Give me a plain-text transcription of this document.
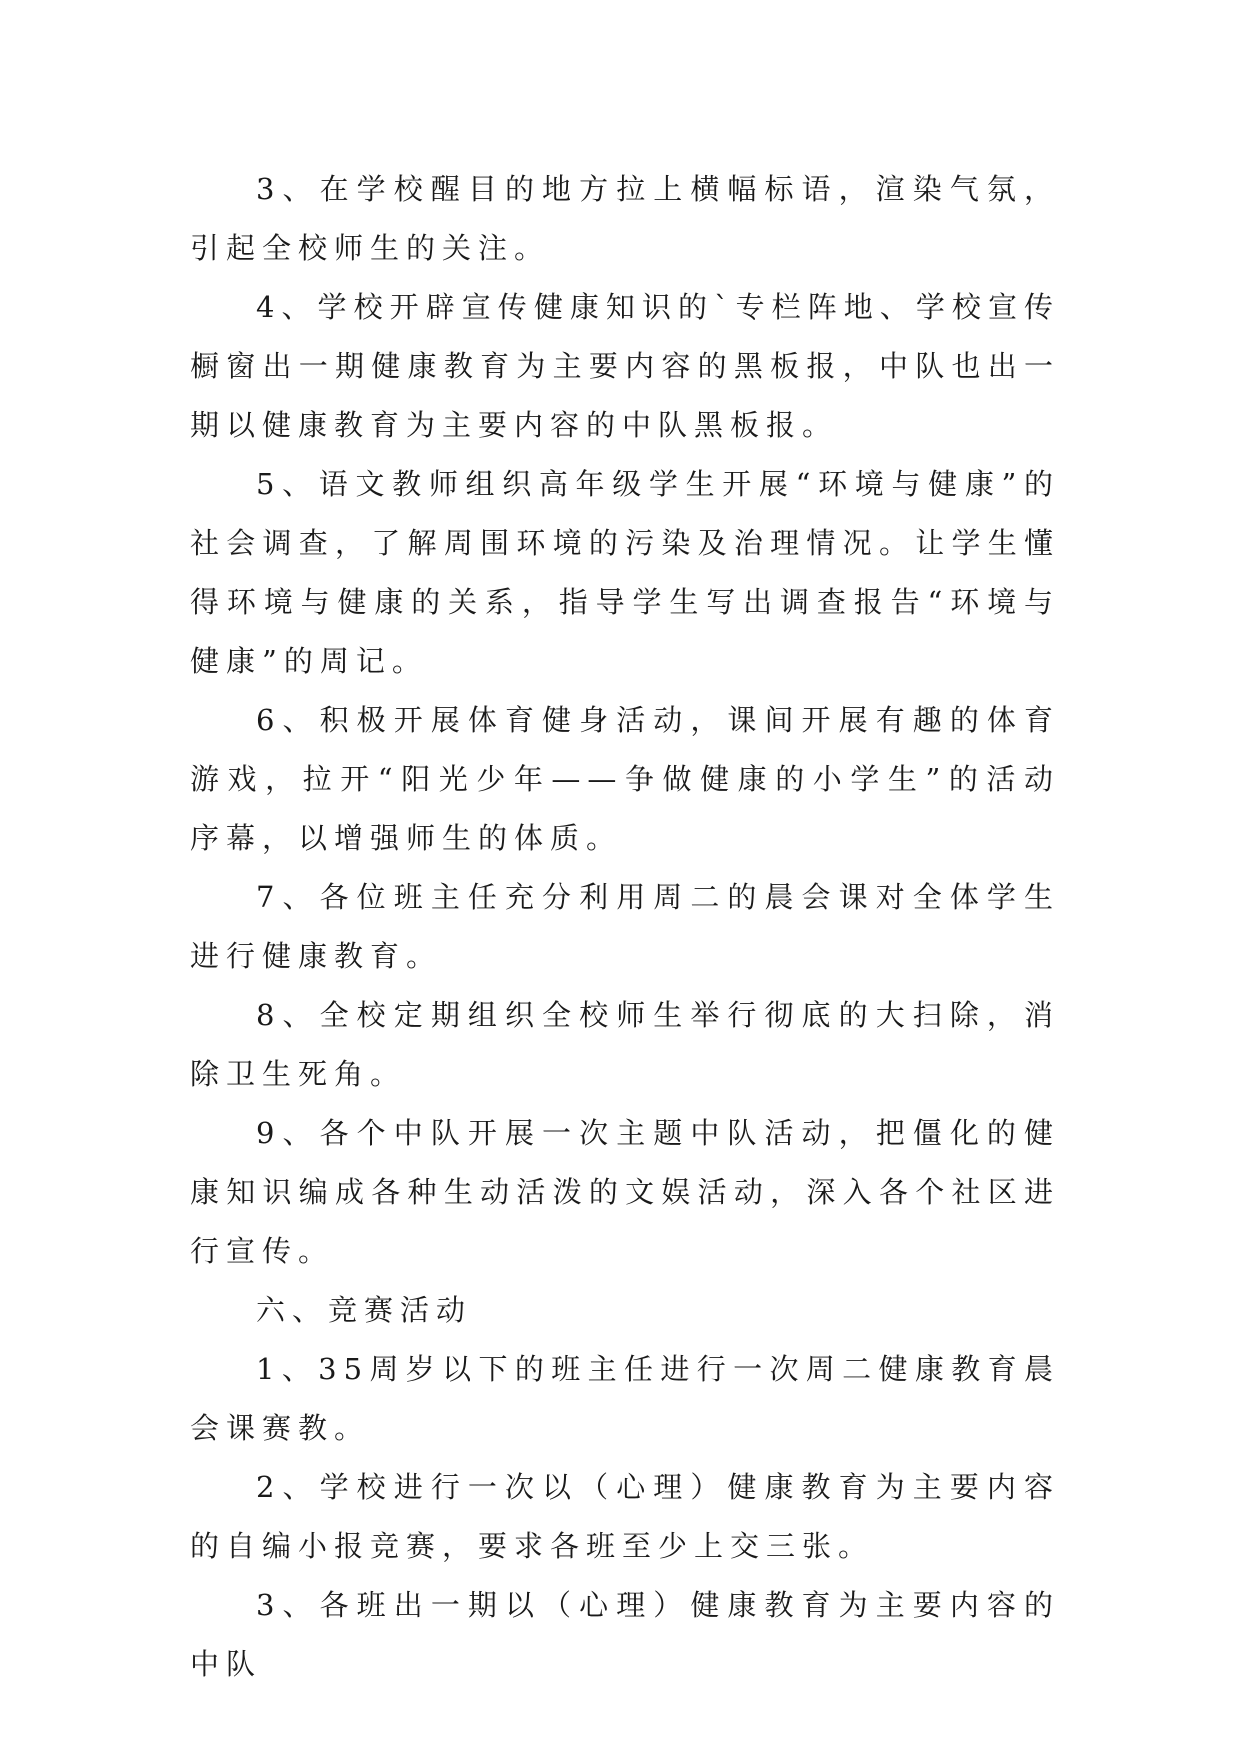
3、在学校醒目的地方拉上横幅标语，渲染气氛，引起全校师生的关注。

4、学校开辟宣传健康知识的`专栏阵地、学校宣传橱窗出一期健康教育为主要内容的黑板报，中队也出一期以健康教育为主要内容的中队黑板报。

5、语文教师组织高年级学生开展“环境与健康”的社会调查，了解周围环境的污染及治理情况。让学生懂得环境与健康的关系，指导学生写出调查报告“环境与健康”的周记。

6、积极开展体育健身活动，课间开展有趣的体育游戏，拉开“阳光少年——争做健康的小学生”的活动序幕，以增强师生的体质。

7、各位班主任充分利用周二的晨会课对全体学生进行健康教育。

8、全校定期组织全校师生举行彻底的大扫除，消除卫生死角。

9、各个中队开展一次主题中队活动，把僵化的健康知识编成各种生动活泼的文娱活动，深入各个社区进行宣传。

六、竞赛活动

1、35周岁以下的班主任进行一次周二健康教育晨会课赛教。

2、学校进行一次以（心理）健康教育为主要内容的自编小报竞赛，要求各班至少上交三张。

3、各班出一期以（心理）健康教育为主要内容的中队
